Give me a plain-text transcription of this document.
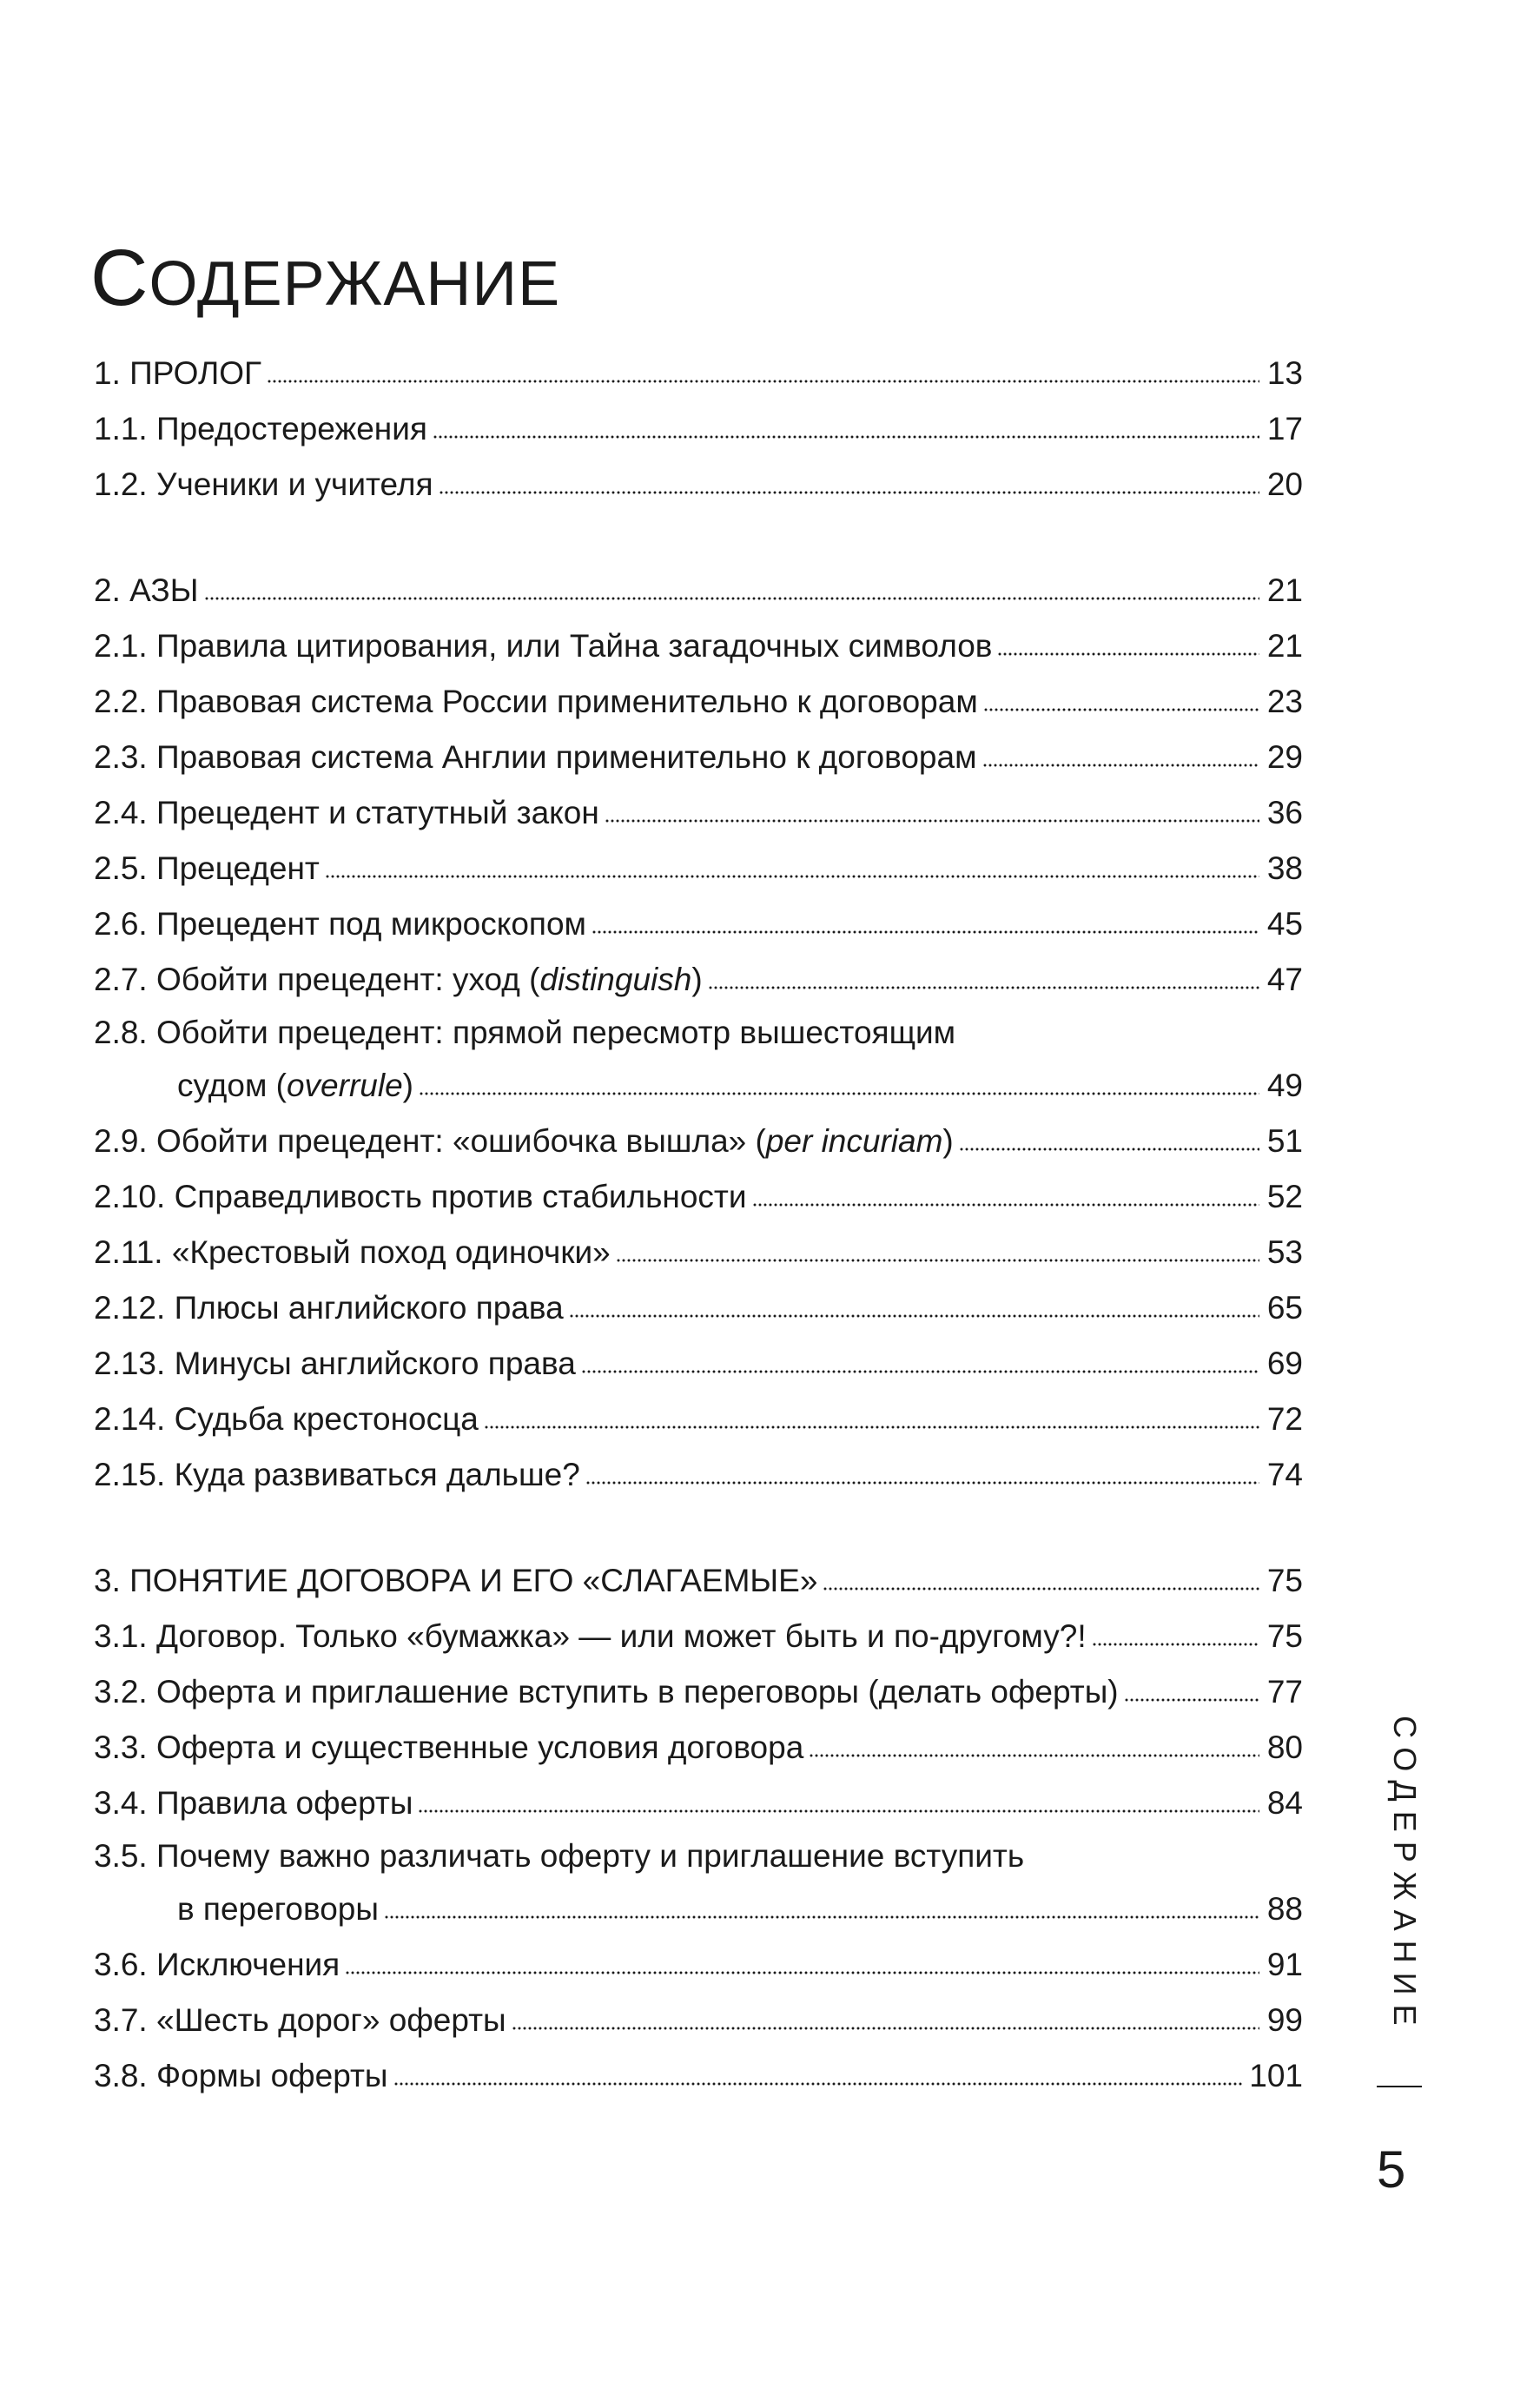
СОДЕРЖАНИЕ
1. ПРОЛОГ	13
1.1. Предостережения	17
1.2. Ученики и учителя	20
2. АЗЫ	21
2.1. Правила цитирования, или Тайна загадочных символов	21
2.2. Правовая система России применительно к договорам	23
2.3. Правовая система Англии применительно к договорам	29
2.4. Прецедент и статутный закон	36
2.5. Прецедент	38
2.6. Прецедент под микроскопом	45
2.7. Обойти прецедент: уход (distinguish)	47
2.8. Обойти прецедент: прямой пересмотр вышестоящим
судом (overrule)	49
2.9. Обойти прецедент: «ошибочка вышла» (per incuriam)	51
2.10. Справедливость против стабильности	52
2.11. «Крестовый поход одиночки»	53
2.12. Плюсы английского права	65
2.13. Минусы английского права	69
2.14. Судьба крестоносца	72
2.15. Куда развиваться дальше?	74
3. ПОНЯТИЕ ДОГОВОРА И ЕГО «СЛАГАЕМЫЕ»	75
3.1. Договор. Только «бумажка» — или может быть и по-другому?!	75
3.2. Оферта и приглашение вступить в переговоры (делать оферты)	77
3.3. Оферта и существенные условия договора	80
3.4. Правила оферты	84
3.5. Почему важно различать оферту и приглашение вступить
в переговоры	88
3.6. Исключения	91
3.7. «Шесть дорог» оферты	99
3.8. Формы оферты	101
СОДЕРЖАНИЕ
5
